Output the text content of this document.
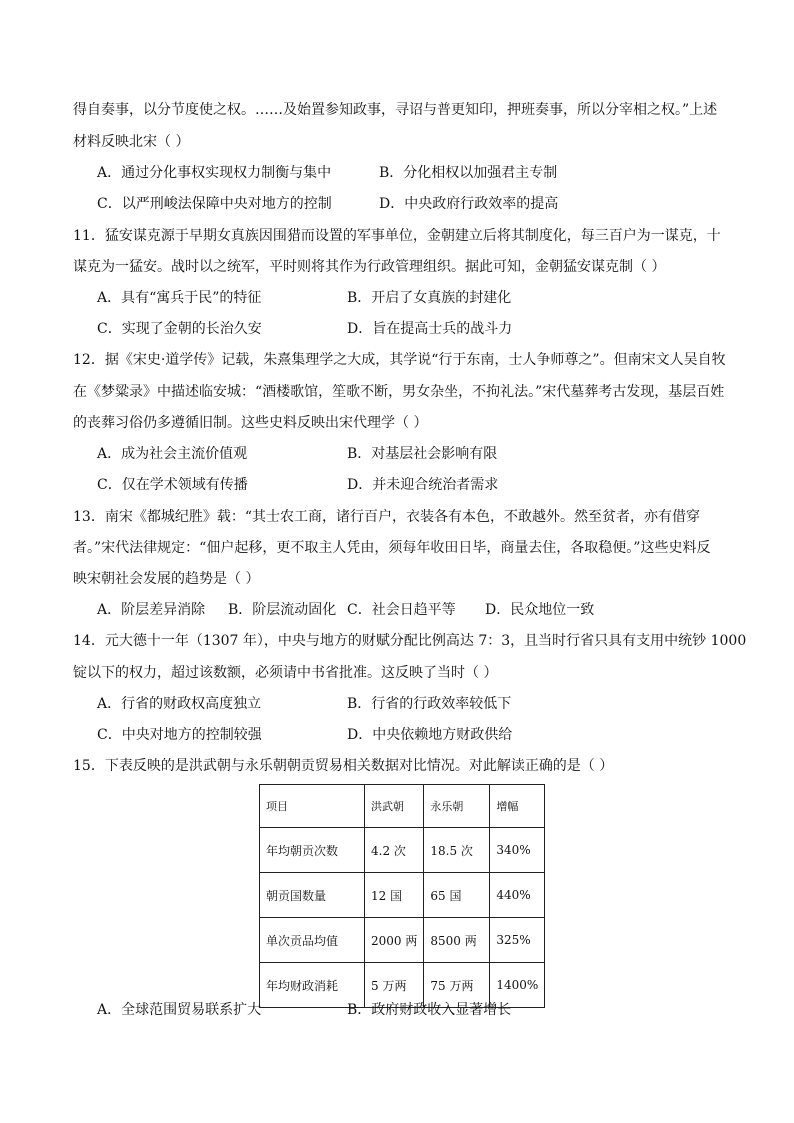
得自奏事，以分节度使之权。……及始置参知政事，寻诏与普更知印，押班奏事，所以分宰相之权。”上述
材料反映北宋（ ）
A．通过分化事权实现权力制衡与集中	B．分化相权以加强君主专制
C．以严刑峻法保障中央对地方的控制	D．中央政府行政效率的提高
11．猛安谋克源于早期女真族因围猎而设置的军事单位，金朝建立后将其制度化，每三百户为一谋克，十
谋克为一猛安。战时以之统军，平时则将其作为行政管理组织。据此可知，金朝猛安谋克制（ ）
A．具有“寓兵于民”的特征	B．开启了女真族的封建化
C．实现了金朝的长治久安	D．旨在提高士兵的战斗力
12．据《宋史·道学传》记载，朱熹集理学之大成，其学说“行于东南，士人争师尊之”。但南宋文人吴自牧
在《梦粱录》中描述临安城：“酒楼歌馆，笙歌不断，男女杂坐，不拘礼法。”宋代墓葬考古发现，基层百姓
的丧葬习俗仍多遵循旧制。这些史料反映出宋代理学（ ）
A．成为社会主流价值观	B．对基层社会影响有限
C．仅在学术领域有传播	D．并未迎合统治者需求
13．南宋《都城纪胜》载：“其士农工商，诸行百户，衣装各有本色，不敢越外。然至贫者，亦有借穿
者。”宋代法律规定：“佃户起移，更不取主人凭由，须每年收田日毕，商量去住，各取稳便。”这些史料反
映宋朝社会发展的趋势是（ ）
A．阶层差异消除 B．阶层流动固化 C．社会日趋平等 D．民众地位一致
14．元大德十一年（1307 年），中央与地方的财赋分配比例高达 7：3，且当时行省只具有支用中统钞 1000
锭以下的权力，超过该数额，必须请中书省批准。这反映了当时（ ）
A．行省的财政权高度独立	B．行省的行政效率较低下
C．中央对地方的控制较强	D．中央依赖地方财政供给
15．下表反映的是洪武朝与永乐朝朝贡贸易相关数据对比情况。对此解读正确的是（ ）
项目	洪武朝	永乐朝	增幅
年均朝贡次数	4.2 次	18.5 次	340%
朝贡国数量	12 国	65 国	440%
单次贡品均值	2000 两	8500 两	325%
年均财政消耗	5 万两	75 万两	1400%
A．全球范围贸易联系扩大	B．政府财政收入显著增长
